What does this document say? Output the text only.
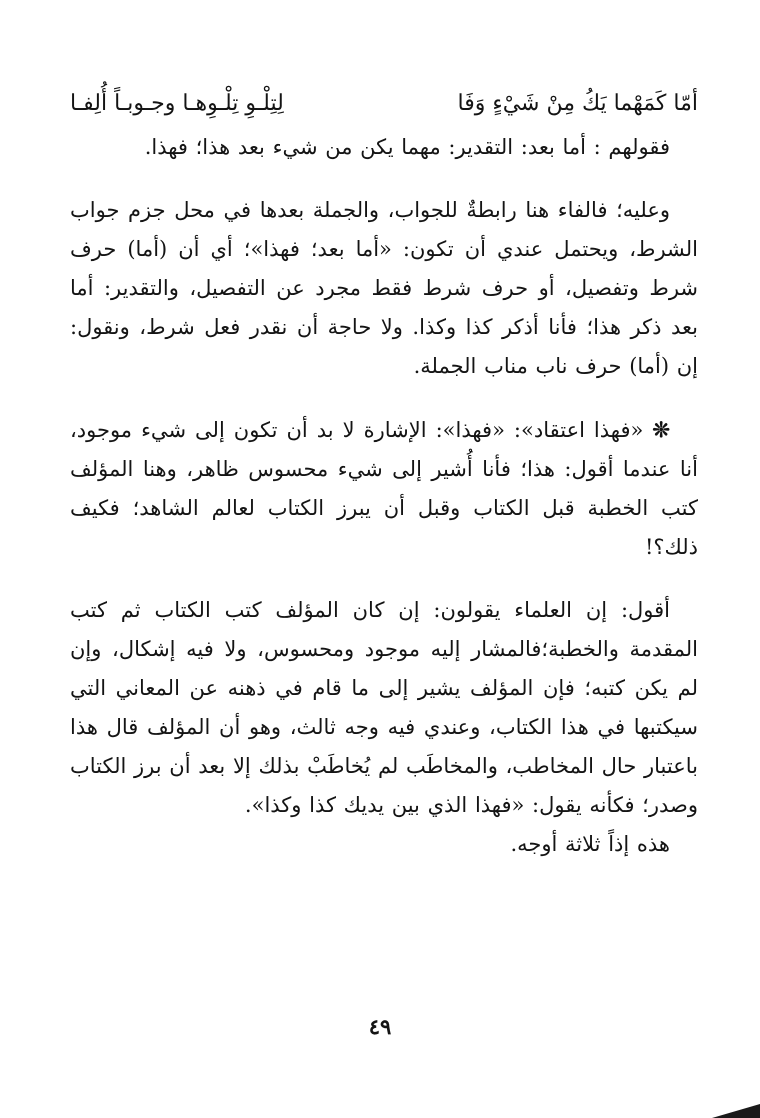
أمّا كَمَهْما يَكُ مِنْ شَيْءٍ وَفَا
لِتِلْـوِ تِلْـوِهـا وجـوبـاً أُلِفـا

فقولهم : أما بعد: التقدير: مهما يكن من شيء بعد هذا؛ فهذا.

وعليه؛ فالفاء هنا رابطةٌ للجواب، والجملة بعدها في محل جزم جواب الشرط، ويحتمل عندي أن تكون: «أما بعد؛ فهذا»؛ أي أن (أما) حرف شرط وتفصيل، أو حرف شرط فقط مجرد عن التفصيل، والتقدير: أما بعد ذكر هذا؛ فأنا أذكر كذا وكذا. ولا حاجة أن نقدر فعل شرط، ونقول: إن (أما) حرف ناب مناب الجملة.

❊ «فهذا اعتقاد»: «فهذا»: الإشارة لا بد أن تكون إلى شيء موجود، أنا عندما أقول: هذا؛ فأنا أُشير إلى شيء محسوس ظاهر، وهنا المؤلف كتب الخطبة قبل الكتاب وقبل أن يبرز الكتاب لعالم الشاهد؛ فكيف ذلك؟!

أقول: إن العلماء يقولون: إن كان المؤلف كتب الكتاب ثم كتب المقدمة والخطبة؛فالمشار إليه موجود ومحسوس، ولا فيه إشكال، وإن لم يكن كتبه؛ فإن المؤلف يشير إلى ما قام في ذهنه عن المعاني التي سيكتبها في هذا الكتاب، وعندي فيه وجه ثالث، وهو أن المؤلف قال هذا باعتبار حال المخاطب، والمخاطَب لم يُخاطَبْ بذلك إلا بعد أن برز الكتاب وصدر؛ فكأنه يقول: «فهذا الذي بين يديك كذا وكذا».

هذه إذاً ثلاثة أوجه.

٤٩
